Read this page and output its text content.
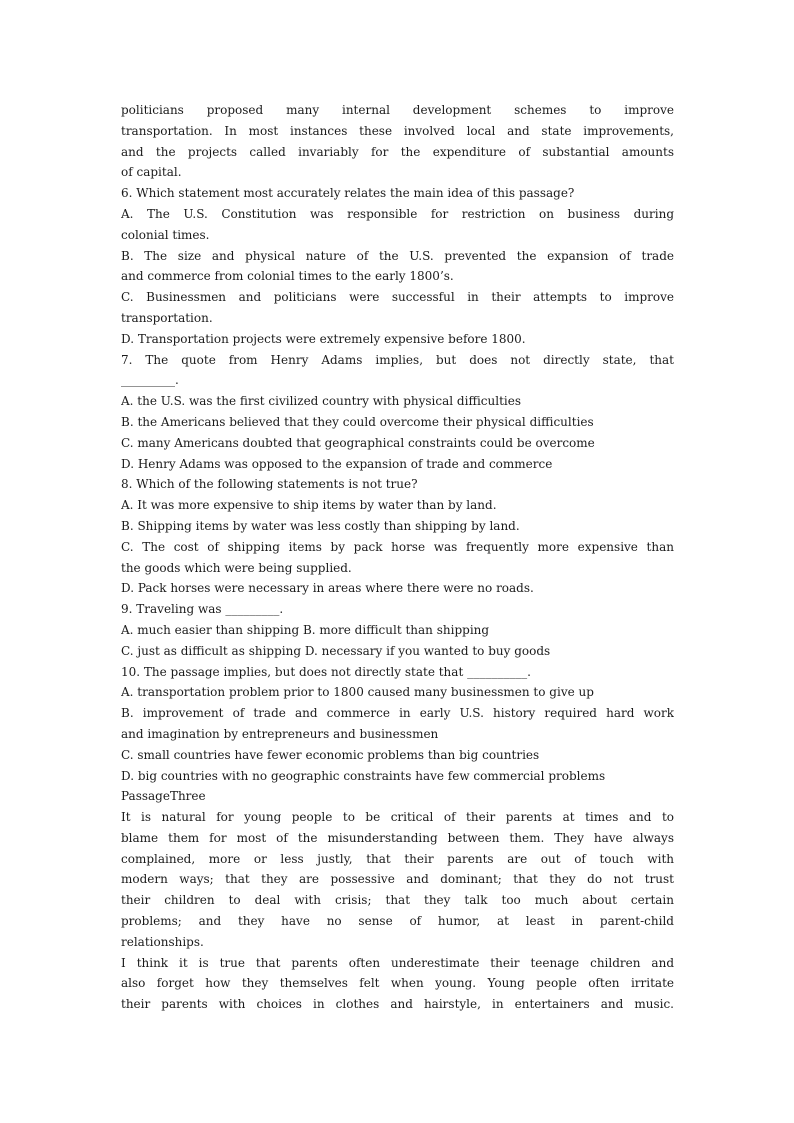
politicians proposed many internal development schemes to improve
transportation. In most instances these involved local and state improvements,
and the projects called invariably for the expenditure of substantial amounts
of capital.
6. Which statement most accurately relates the main idea of this passage?
A. The U.S. Constitution was responsible for restriction on business during
colonial times.
B. The size and physical nature of the U.S. prevented the expansion of trade
and commerce from colonial times to the early 1800’s.
C. Businessmen and politicians were successful in their attempts to improve
transportation.
D. Transportation projects were extremely expensive before 1800.
7. The quote from Henry Adams implies, but does not directly state, that
_________.
A. the U.S. was the first civilized country with physical difficulties
B. the Americans believed that they could overcome their physical difficulties
C. many Americans doubted that geographical constraints could be overcome
D. Henry Adams was opposed to the expansion of trade and commerce
8. Which of the following statements is not true?
A. It was more expensive to ship items by water than by land.
B. Shipping items by water was less costly than shipping by land.
C. The cost of shipping items by pack horse was frequently more expensive than
the goods which were being supplied.
D. Pack horses were necessary in areas where there were no roads.
9. Traveling was _________.
A. much easier than shipping B. more difficult than shipping
C. just as difficult as shipping D. necessary if you wanted to buy goods
10. The passage implies, but does not directly state that __________.
A. transportation problem prior to 1800 caused many businessmen to give up
B. improvement of trade and commerce in early U.S. history required hard work
and imagination by entrepreneurs and businessmen
C. small countries have fewer economic problems than big countries
D. big countries with no geographic constraints have few commercial problems
PassageThree
It is natural for young people to be critical of their parents at times and to
blame them for most of the misunderstanding between them. They have always
complained, more or less justly, that their parents are out of touch with
modern ways; that they are possessive and dominant; that they do not trust
their children to deal with crisis; that they talk too much about certain
problems; and they have no sense of humor, at least in parent-child
relationships.
I think it is true that parents often underestimate their teenage children and
also forget how they themselves felt when young. Young people often irritate
their parents with choices in clothes and hairstyle, in entertainers and music.
